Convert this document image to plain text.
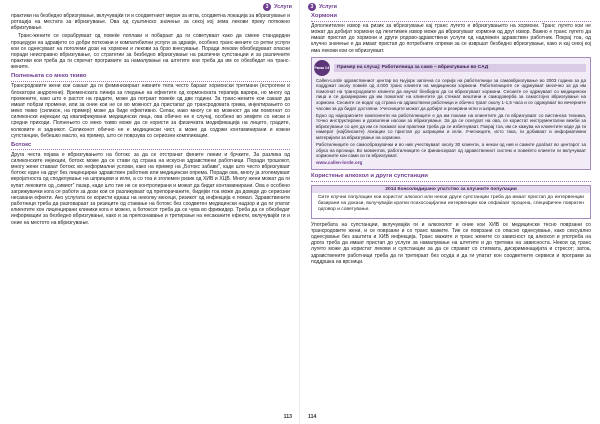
3	Услуги

практики на безбедно вбризгување, вклучувајќи ги и соодветниот мерач за игла, соодветна локација за вбризгување и ротација на местата за вбризгување. Ова од суштинско значење за секој кој зема лекови преку поткожно вбризгување.

Транс-жените се охрабруваат од повеќе поплаки и побараат да ги советуваат како да смене стандардни процедури на здравјето со добри поткожни и компатибилни услуги за здравје, особено транс-жените со ретки услуги кои се однесуваат на поголеми дози на хормони и лекови за брзо внесување. Поради лекови обезбедуваат опасни поради неисправно вбризгување, со стратегии за безбедно вбризгување на различни супстанции и за различните практики кои треба да ги спречат програмите за намалување на штетите кои треба да им се обезбедат на транс-жените.

Полнењата со меко ткиво

Трансродовите жени кои сакаат да ги феминизираат нивните тела често бараат хормонски третмани (естрогени и блокатори андрогени). Временската линија за гледање на ефектите од хормонската терапија варира, но многу од промените, како што е растот на градите, може да потраат повеќе од две години. За транс-жените кои сакаат да имаат побрзи промени, или за оние кои не се во можност да пристапат до трансродовата грижа, инјектирањето со меко ткиво (силикон, на пример) може да биде ефективно. Сепак, иако многу се во можност да им помогнат со силиконски инјекции од квалификувани медицински лица, ова обично не е случај, особено во земјите со ниски и средни приходи. Полнењето со меко ткиво може да се користи за физичката модификација на лицето, градите, колковите и задникот. Силиконот обично не е медицински чист, а може да содржи контаминирани и кожни супстанции, бебешко масло, на пример, што се поврзува со сериозни компликации.

Ботокс

Друга честа појава е вбризгувањето на ботокс за да се отстранат фините линии и брчките. За разлика од силиконските инјекции, ботокс може да се стави од страна на искусни здравствени работници. Поради трошокот, многу жени ставаат ботокс во неформални услови, како на пример на „Ботокс забави“, каде што често вбризгуваат ботокс еден на друг без лиценциран здравствен работник или медицински опрема. Поради ова, многу ја зголемуваат веројатноста од споделување на шприцеви и игли, а со тоа и зголемен ризик од ХИВ и ХЦВ. Многу жени можат да ги купат лековите од „сивиот“ пазар, каде што тие не се контролирани и можат да бидат контаминирани. Ова е особено загрижувачки кога се работи за дози кои се разликуваат од препорачаните, бидејќи тоа може да доведе до сериозни несакани ефекти. Ако услугата се користи еднаш на неколку месеци, ризикот од инфекција е помал. Здравствените работници треба да разговараат за ризиците од ставање на ботокс без соодветен медицински надзор и да ги упатат клиентите кон лиценцирани клиники кога е можно, а ботоксот треба да се чува во фрижидер. Треба да се обезбедат информации за безбедно вбризгување, како и за препознавање и третирање на несаканите ефекти, вклучувајќи ги и оние на местото на вбризгување.

113
3	Услуги
Хормони

Дополнителен извор на ризик за вбризгување кај транс лугето е вбризгувањето на хормони. Транс лугето кои не можат да добијат хормони од легитимен извор може да вбризгуваат хормони од друг извор. Важно е транс лугето да имаат пристап до хормони и други родово-здравствени услуги од надлежен здравствен работник. Покрај тоа, од клучно значење е да имаат пристап до потребните опреми за се извршат безбедно вбризгување, како и кај секој кој има лекови кои се вбризгуваат.

Рамка 3.6	Пример на случај: Работилница за само – вбризгување во САД

Callen-Lorde здравствениот центар во Њујорк започна со серија на работилници за самовбризгување во 2003 година за да поддржат околу повеќе од 4.000 транс клиенти на медицински хормони. Работилниците се одржуваат месечно за да им помогнат на трансродовите клиенти да научат безбедно да си вбризгуваат хормони. Сесиите се одржуваат со медицински лица и се дизајнирани да им помогнат на клиентите да стекнат вештини и самодоверба за самостојно вбризгување на хормони. Сесиите се водат од страна на здравствени работници и обично траат околу 1-1,5 часа и се одржуваат во вечерните часови за да бидат достапни. Учесниците можат да добијат и резервни игли и шприцеви.

Едно од најкорисните компоненти на работилниците е да им покаже на клиентите да ги вбризгуваат со вистинска техника, точно инструктирани и дозволени насоки за вбризгување. За да се осигурат на ова, се користат инструментални вежби за вбризгување со цел да им се покажат кои практики треба да се избегнуваат. Покрај тоа, им се кажува на клиентите каде да ги намерат (најблиските) локации со пристап до шприцеви и игли. Учесниците, исто така, ги добиваат и информативни материјали за вбризгување на хормони.

Работилниците се самообразувачки и во нив учествуваат околу 30 клиенти, а некои од нив и самите доаѓаат во центарот за обука на врсници. Во моментов, работилниците се финансираат од здравствениот систем и повеќето клиенти ги вклучуваат хормоните кои сами си ги вбризгуваат.

www.callen-lorde.org
Користење алкохол и други супстанции
2014 Консолидирано упатство за клучните популации

Сите клучни популации кои користат алкохол или некои други супстанции треба да имаат пристап до интервенции базирани на докази, вклучувајќи кратки психосоцијални интервенции кои опфаќаат процена, специфичен повратен одговор и советување.

Употребата на супстанции, вклучувајќи ги и алкохолот и оние кои ХИВ се медицински тесно поврзани со трансродовите жени, и се поврзани и со транс мажите. Тие се поврзани со опасно однесување, како сексуално однесување без заштита и ХИВ инфекција. Транс мажите и транс жените со зависност од алкохол и употреба на дрога треба да имаат пристап до услуги за намалување на штетите и до третман на зависноста. Некои од транс лугето може да користат лекови и супстанции за да се справат со стигмата, дискриминацијата и стресот; затоа, здравствените работници треба да ги третираат без осуда и да ги упатат кон соодветните сервиси и програми за поддршка на врсници.

114
